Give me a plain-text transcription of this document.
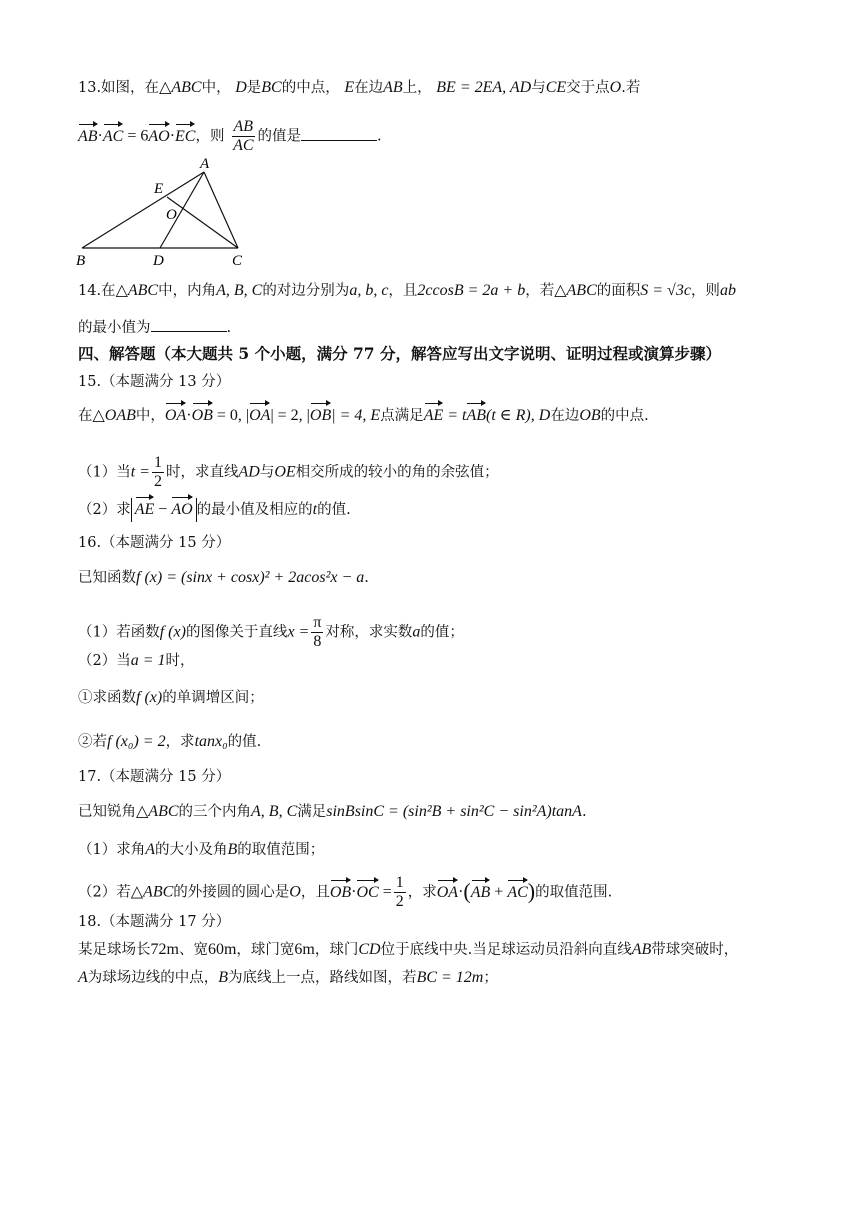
13.如图，在△ABC中， D是BC的中点， E在边AB上， BE = 2EA, AD与CE交于点O.若
AB·AC = 6AO·EC，则 $\frac{AB}{AC}$ 的值是	.
A
E
O
B	D	C
14.在△ABC中，内角A, B, C的对边分别为a, b, c，且2ccosB = 2a + b，若△ABC的面积S = √3c，则ab
的最小值为	.
四、解答题（本大题共 5 个小题，满分 77 分，解答应写出文字说明、证明过程或演算步骤）
15.（本题满分 13 分）
在△OAB中，OA·OB = 0, |OA| = 2, |OB| = 4, E点满足AE = tAB(t ∈ R), D在边OB的中点.
（1）当$t = \frac{1}{2}$ 时，求直线AD与OE相交所成的较小的角的余弦值；
（2）求 AE − AO 的最小值及相应的t的值.
16.（本题满分 15 分）
已知函数f (x) = (sinx + cosx)² + 2acos²x − a.
（1）若函数f (x)的图像关于直线$x = \frac{\pi}{8}$ 对称，求实数a的值；
（2）当a = 1时，
①求函数f (x)的单调增区间；
②若f (x₀) = 2，求tanx₀的值.
17.（本题满分 15 分）
已知锐角△ABC的三个内角A, B, C满足sinBsinC = (sin²B + sin²C − sin²A)tanA.
（1）求角A的大小及角B的取值范围；
（2）若△ABC的外接圆的圆心是O，且$OB\cdot OC = \frac{1}{2}$ ，求OA·(AB + AC)的取值范围.
18.（本题满分 17 分）
某足球场长72m、宽60m，球门宽6m，球门CD位于底线中央.当足球运动员沿斜向直线AB带球突破时，
A为球场边线的中点，B为底线上一点，路线如图，若BC = 12m；
